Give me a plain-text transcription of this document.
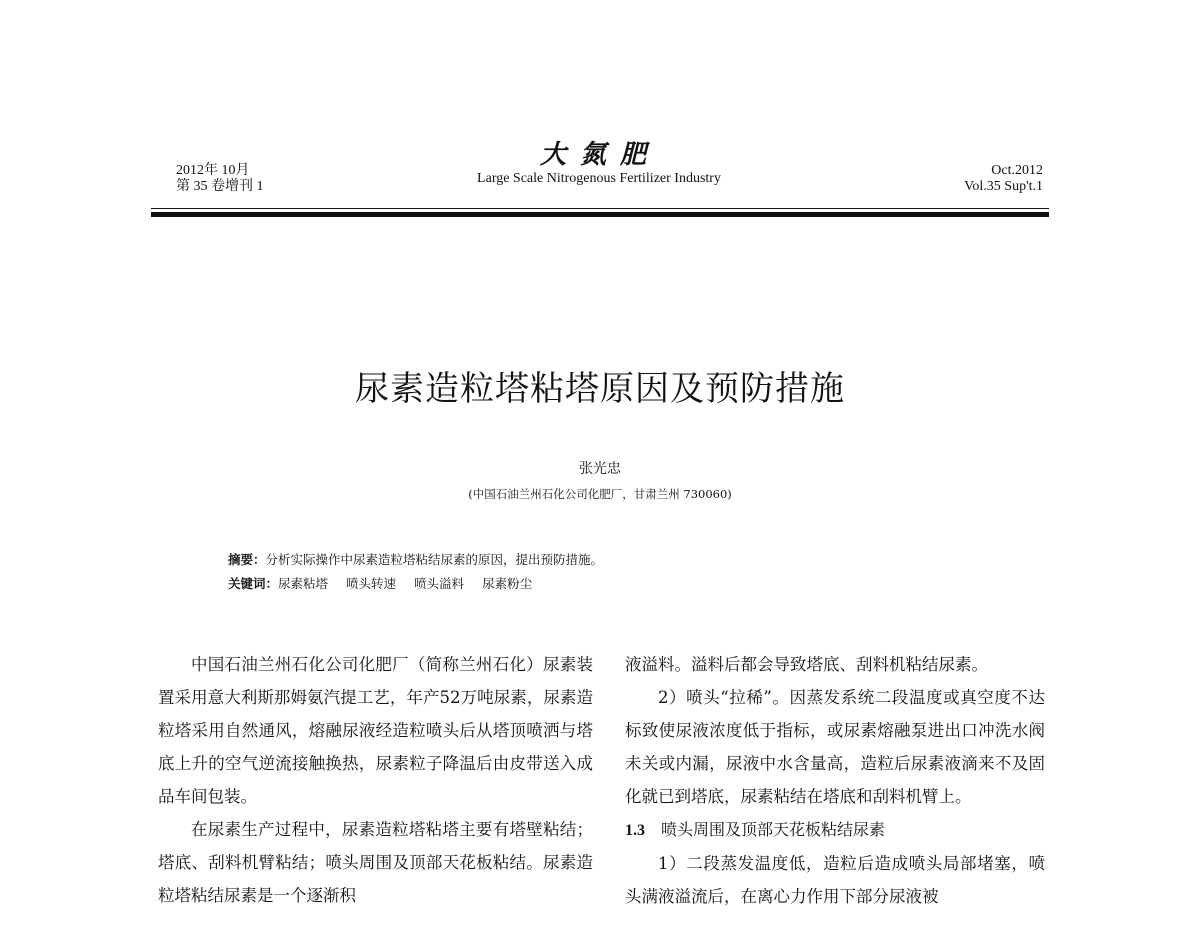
2012年 10月
第 35 卷增刊 1
大氮肥
Large Scale Nitrogenous Fertilizer Industry
Oct.2012
Vol.35 Sup't.1
尿素造粒塔粘塔原因及预防措施
张光忠
(中国石油兰州石化公司化肥厂，甘肃兰州 730060)
摘要：分析实际操作中尿素造粒塔粘结尿素的原因，提出预防措施。
关键词：尿素粘塔 喷头转速 喷头溢料 尿素粉尘

中国石油兰州石化公司化肥厂（简称兰州石化）尿素装置采用意大利斯那姆氨汽提工艺，年产52万吨尿素，尿素造粒塔采用自然通风，熔融尿液经造粒喷头后从塔顶喷洒与塔底上升的空气逆流接触换热，尿素粒子降温后由皮带送入成品车间包装。

在尿素生产过程中，尿素造粒塔粘塔主要有塔壁粘结；塔底、刮料机臂粘结；喷头周围及顶部天花板粘结。尿素造粒塔粘结尿素是一个逐渐积

液溢料。溢料后都会导致塔底、刮料机粘结尿素。

2）喷头“拉稀”。因蒸发系统二段温度或真空度不达标致使尿液浓度低于指标，或尿素熔融泵进出口冲洗水阀未关或内漏，尿液中水含量高，造粒后尿素液滴来不及固化就已到塔底，尿素粘结在塔底和刮料机臂上。

1.3 喷头周围及顶部天花板粘结尿素

1）二段蒸发温度低，造粒后造成喷头局部堵塞，喷头满液溢流后，在离心力作用下部分尿液被
